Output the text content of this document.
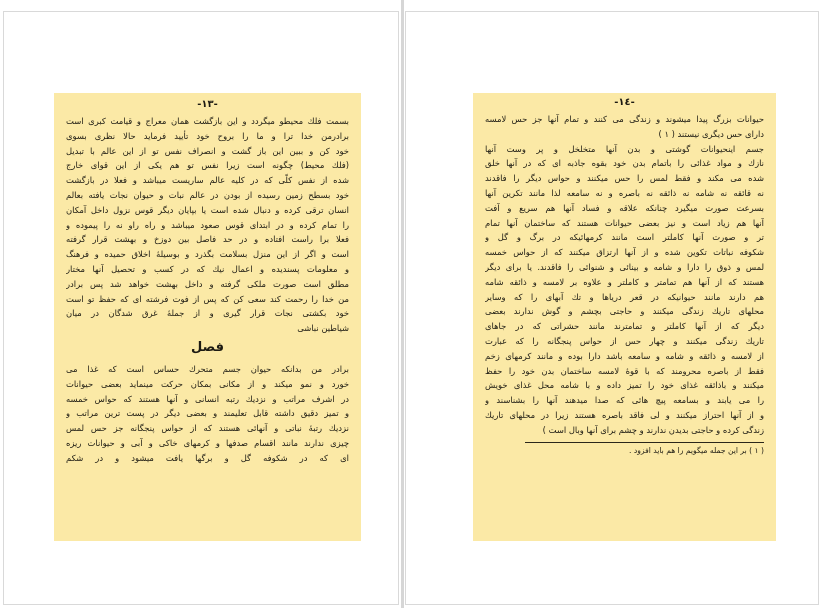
-۱۳-
بسمت فلك محیطو میگردد و این بازگشت همان معراج و قیامت کبری است
برادرمن خدا ترا و ما را بروح خود تأیید فرماید حالا نظری بسوی
خود کن و ببین این باز گشت و انصراف نفس تو از این عالم با تبدیل
(فلك محیط) چگونه است زیرا نفس تو هم یکی از این قوای خارج
شده از نفس کلّی که در کلیه عالم ساریست میباشد و فعلا در بازگشت
خود بسطح زمین رسیده از بودن در عالم نبات و حیوان نجات یافته بعالم
انسان ترقی کرده و دنبال شده است یا بپایان دیگر قوس نزول داخل آمکان
را تمام کرده و در ابتدای قوس صعود میباشد و راه راو نه را پیموده و
فعلا برا راست افتاده و در حد فاصل بین دوزخ و بهشت قرار گرفته
است و اگر از این منزل بسلامت بگذرد و بوسیلهٔ اخلاق حمیده و فرهنگ
و معلومات پسندیده و اعمال نیك که در کسب و تحصیل آنها مختار
مطلق است صورت ملکی گرفته و داخل بهشت خواهد شد پس برادر
من خدا را رحمت کند سعی کن که پس از فوت فرشته ای که حفظ تو است
خود بکشتی نجات قرار گیری و از جملهٔ غرق شدگان در میان
شیاطین نباشی
فصل
برادر من بدانکه حیوان جسم متحرك حساس است که غذا می
خورد و نمو میکند و از مکانی بمکان حرکت مینماید بعضی حیوانات
در اشرف مراتب و نزدیك رتبه انسانی و آنها هستند که حواس خمسه
و تمیز دقیق داشته قابل تعلیمند و بعضی دیگر در پست ترین مراتب و
نزدیك رتبهٔ نباتی و آنهائی هستند که از حواس پنجگانه جز حس لمس
چیزی ندارند مانند اقسام صدفها و کرمهای خاکی و آبی و حیوانات ریزه
ای که در شکوفه گل و برگها یافت میشود و در شکم
-۱٤-
حیوانات بزرگ پیدا میشوند و زندگی می کنند و تمام آنها جز حس لامسه
دارای حس دیگری نیستند ( ۱ )
جسم اینحیوانات گوشتی و بدن آنها متخلخل و پر وست آنها
نازك و مواد غذائی را باتمام بدن خود بقوه جاذبه ای که در آنها خلق
شده می مکند و فقط لمس را حس میکنند و حواس دیگر را فاقدند
نه قائقه نه شامه نه ذائقه نه باصره و نه سامعه لذا مانند تکرین آنها
بسرعت صورت میگیرد چنانکه علاقه و فساد آنها هم سریع و آفت
آنها هم زیاد است و نیز بعضی حیوانات هستند که ساختمان آنها تمام
تر و صورت آنها کاملتر است مانند کرمهائیکه در برگ و گل و
شکوفه نباتات تکوین شده و از آنها ارتزاق میکنند که از حواس خمسه
لمس و ذوق را دارا و شامه و بینائی و شنوائی را فاقدند. یا برای دیگر
هستند که از آنها هم تمامتر و کاملتر و علاوه بر لامسه و ذائقه شامه
هم دارند مانند حیوانیکه در قعر دریاها و تك آبهای را که وسایر
محلهای تاریك زندگی میکنند و حاجتی بچشم و گوش ندارند بعضی
دیگر که از آنها کاملتر و تمامترند مانند حشراتی که در جاهای
تاریك زندگی میکنند و چهار حس از حواس پنجگانه را که عبارت
از لامسه و ذائقه و شامه و سامعه باشد دارا بوده و مانند کرمهای زخم
فقط از باصره محرومند که با قوهٔ لامسه ساختمان بدن خود را حفظ
میکنند و باذائقه غذای خود را تمیز داده و با شامه محل غذای خویش
را می یابند و بسامعه پیچ هائی که صدا میدهند آنها را بشناسند و
و از آنها احتراز میکنند و لی فاقد باصره هستند زیرا در محلهای تاریك
زندگی کرده و حاجتی بدیدن ندارند و چشم برای آنها وبال است )
( ۱ ) بر این جمله میگویم را هم باید افزود .
